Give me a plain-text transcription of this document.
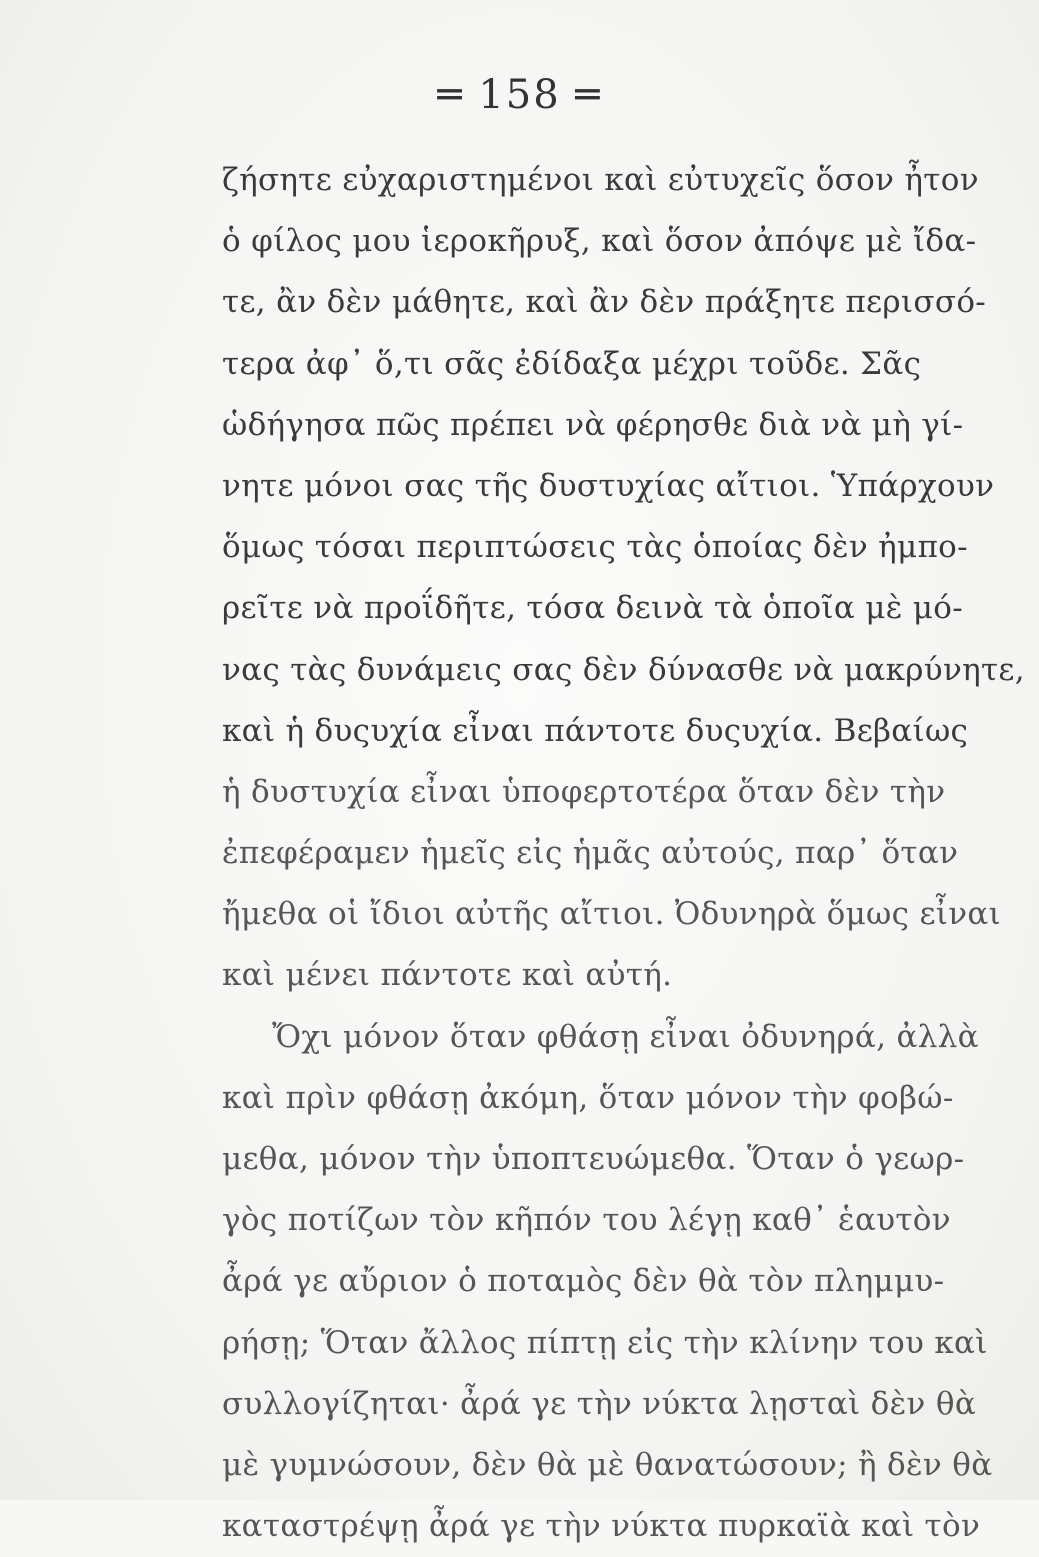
═ 158 ═
ζήσητε εὐχαριστημένοι καὶ εὐτυχεῖς ὅσον ἦτον
ὁ φίλος μου ἱεροκῆρυξ, καὶ ὅσον ἀπόψε μὲ ἴδα-
τε, ἂν δὲν μάθητε, καὶ ἂν δὲν πράξητε περισσό-
τερα ἀφ᾽ ὅ,τι σᾶς ἐδίδαξα μέχρι τοῦδε. Σᾶς
ὡδήγησα πῶς πρέπει νὰ φέρησθε διὰ νὰ μὴ γί-
νητε μόνοι σας τῆς δυστυχίας αἴτιοι. Ὑπάρχουν
ὅμως τόσαι περιπτώσεις τὰς ὁποίας δὲν ἠμπο-
ρεῖτε νὰ προΐδῆτε, τόσα δεινὰ τὰ ὁποῖα μὲ μό-
νας τὰς δυνάμεις σας δὲν δύνασθε νὰ μακρύνητε,
καὶ ἡ δυςυχία εἶναι πάντοτε δυςυχία. Βεβαίως
ἡ δυστυχία εἶναι ὑποφερτοτέρα ὅταν δὲν τὴν
ἐπεφέραμεν ἡμεῖς εἰς ἡμᾶς αὐτούς, παρ᾽ ὅταν
ἤμεθα οἱ ἴδιοι αὐτῆς αἴτιοι. Ὀδυνηρὰ ὅμως εἶναι
καὶ μένει πάντοτε καὶ αὐτή.
Ὄχι μόνον ὅταν φθάσῃ εἶναι ὀδυνηρά, ἀλλὰ
καὶ πρὶν φθάσῃ ἀκόμη, ὅταν μόνον τὴν φοβώ-
μεθα, μόνον τὴν ὑποπτευώμεθα. Ὅταν ὁ γεωρ-
γὸς ποτίζων τὸν κῆπόν του λέγῃ καθ᾽ ἑαυτὸν
ἆρά γε αὔριον ὁ ποταμὸς δὲν θὰ τὸν πλημμυ-
ρήσῃ; Ὅταν ἄλλος πίπτῃ εἰς τὴν κλίνην του καὶ
συλλογίζηται· ἆρά γε τὴν νύκτα λῃσταὶ δὲν θὰ
μὲ γυμνώσουν, δὲν θὰ μὲ θανατώσουν; ἢ δὲν θὰ
καταστρέψῃ ἆρά γε τὴν νύκτα πυρκαϊὰ καὶ τὸν
